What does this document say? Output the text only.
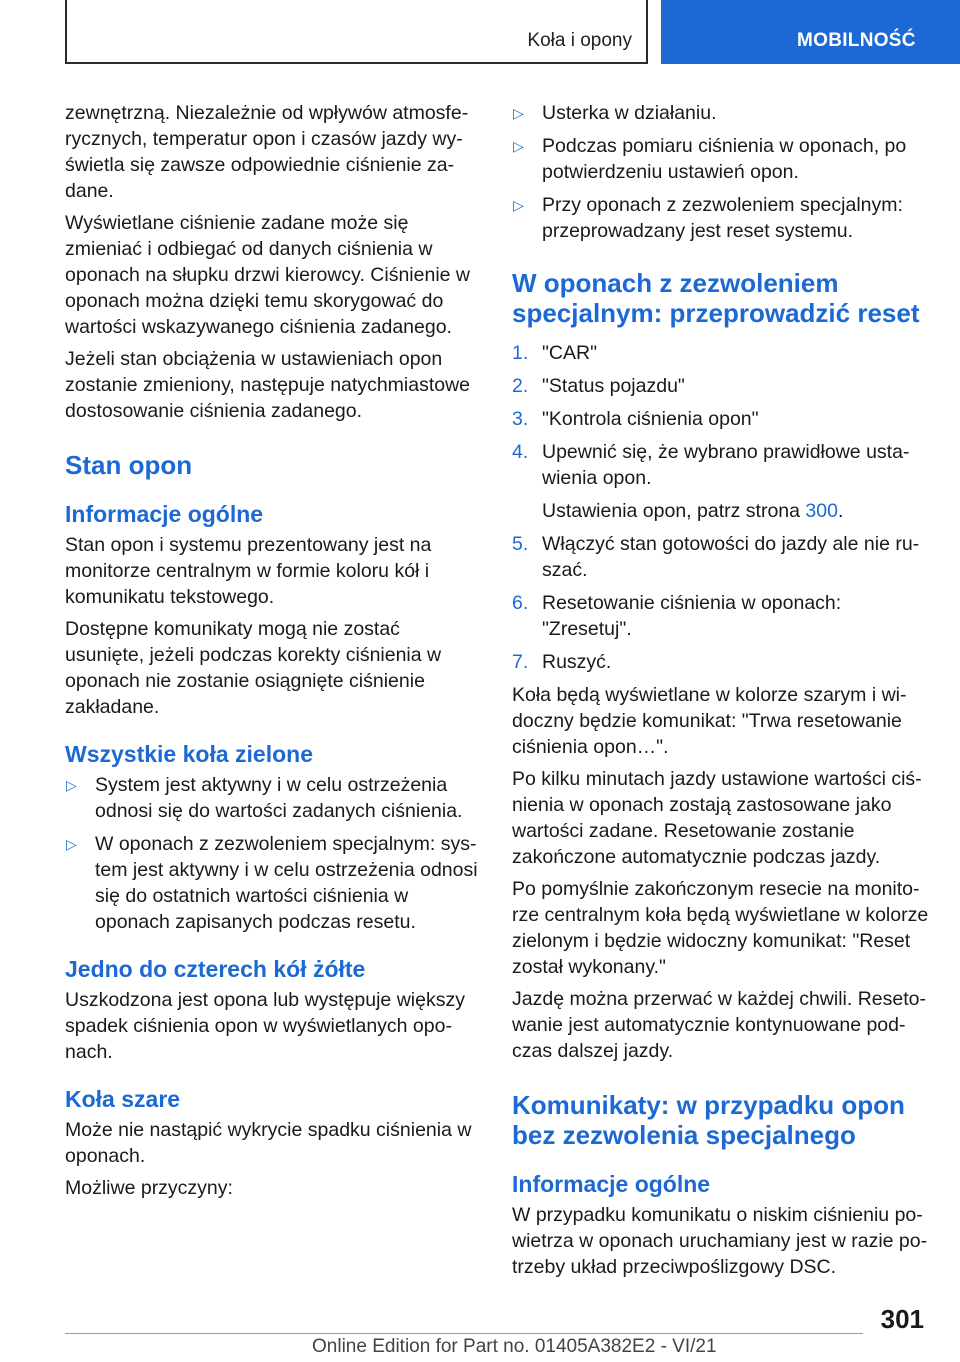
Koła i opony	MOBILNOŚĆ

zewnętrzną. Niezależnie od wpływów atmosferycznych, temperatur opon i czasów jazdy wyświetla się zawsze odpowiednie ciśnienie zadane.

Wyświetlane ciśnienie zadane może się zmieniać i odbiegać od danych ciśnienia w oponach na słupku drzwi kierowcy. Ciśnienie w oponach można dzięki temu skorygować do wartości wskazywanego ciśnienia zadanego.

Jeżeli stan obciążenia w ustawieniach opon zostanie zmieniony, następuje natychmiastowe dostosowanie ciśnienia zadanego.

Stan opon
Informacje ogólne

Stan opon i systemu prezentowany jest na monitorze centralnym w formie koloru kół i komunikatu tekstowego.

Dostępne komunikaty mogą nie zostać usunięte, jeżeli podczas korekty ciśnienia w oponach nie zostanie osiągnięte ciśnienie zakładane.

Wszystkie koła zielone
▷ System jest aktywny i w celu ostrzeżenia odnosi się do wartości zadanych ciśnienia.
▷ W oponach z zezwoleniem specjalnym: system jest aktywny i w celu ostrzeżenia odnosi się do ostatnich wartości ciśnienia w oponach zapisanych podczas resetu.
Jedno do czterech kół żółte

Uszkodzona jest opona lub występuje większy spadek ciśnienia opon w wyświetlanych oponach.

Koła szare

Może nie nastąpić wykrycie spadku ciśnienia w oponach.

Możliwe przyczyny:

▷ Usterka w działaniu.
▷ Podczas pomiaru ciśnienia w oponach, po potwierdzeniu ustawień opon.
▷ Przy oponach z zezwoleniem specjalnym: przeprowadzany jest reset systemu.
W oponach z zezwoleniem specjalnym: przeprowadzić reset
1. "CAR"
2. "Status pojazdu"
3. "Kontrola ciśnienia opon"
4. Upewnić się, że wybrano prawidłowe ustawienia opon.
Ustawienia opon, patrz strona 300.
5. Włączyć stan gotowości do jazdy ale nie ruszać.
6. Resetowanie ciśnienia w oponach: "Zresetuj".
7. Ruszyć.

Koła będą wyświetlane w kolorze szarym i widoczny będzie komunikat: "Trwa resetowanie ciśnienia opon…".

Po kilku minutach jazdy ustawione wartości ciśnienia w oponach zostają zastosowane jako wartości zadane. Resetowanie zostanie zakończone automatycznie podczas jazdy.

Po pomyślnie zakończonym resecie na monitorze centralnym koła będą wyświetlane w kolorze zielonym i będzie widoczny komunikat: "Reset został wykonany."

Jazdę można przerwać w każdej chwili. Resetowanie jest automatycznie kontynuowane podczas dalszej jazdy.

Komunikaty: w przypadku opon bez zezwolenia specjalnego
Informacje ogólne

W przypadku komunikatu o niskim ciśnieniu powietrza w oponach uruchamiany jest w razie potrzeby układ przeciwpoślizgowy DSC.

301
Online Edition for Part no. 01405A382E2 - VI/21
